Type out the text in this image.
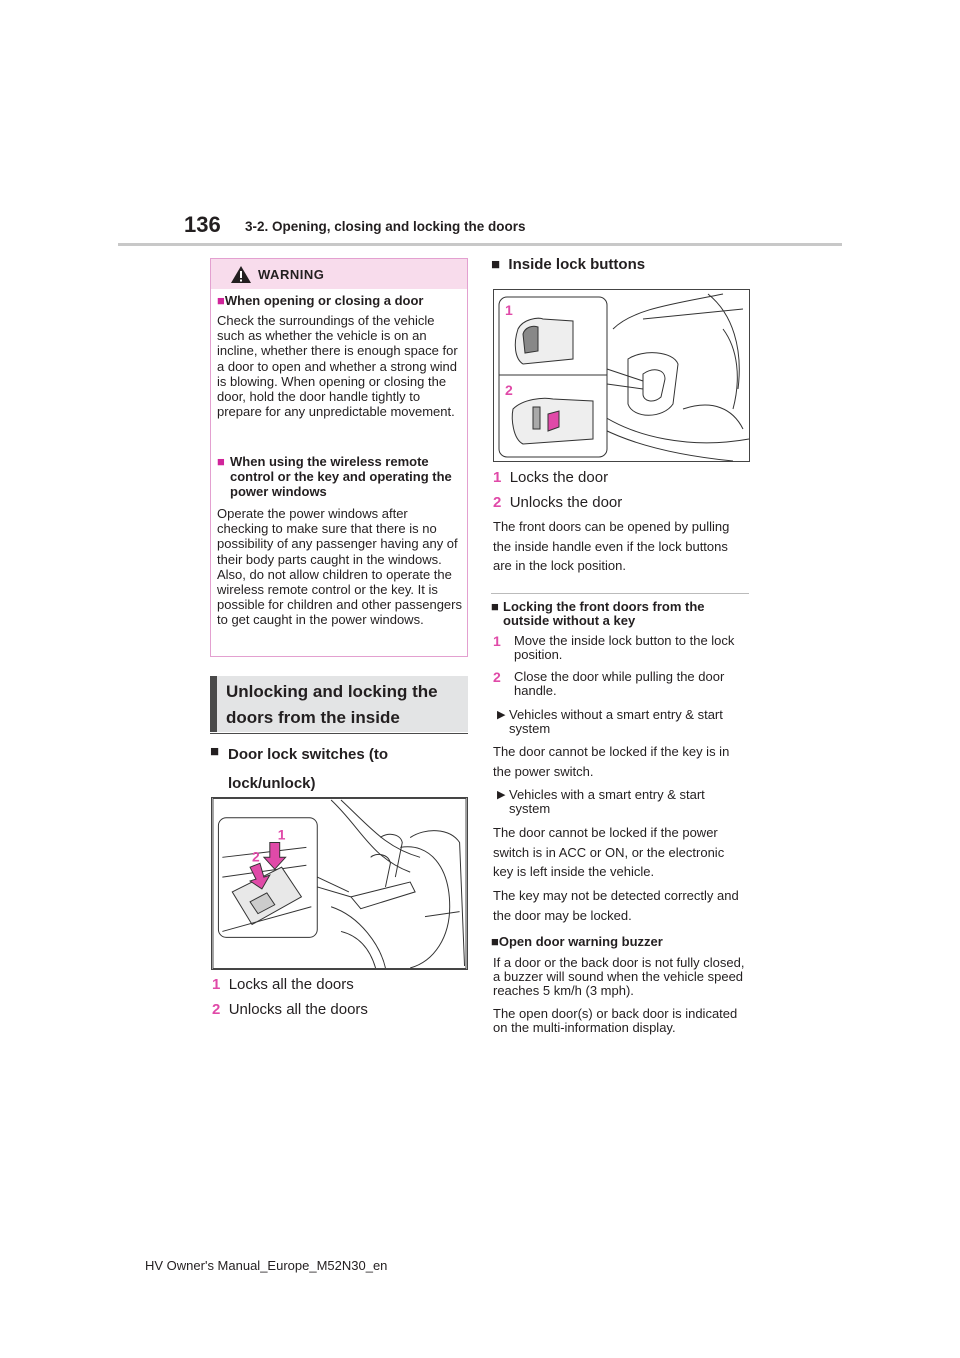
136 3-2. Opening, closing and locking the doors
WARNING
■When opening or closing a door
Check the surroundings of the vehicle such as whether the vehicle is on an incline, whether there is enough space for a door to open and whether a strong wind is blowing. When opening or closing the door, hold the door handle tightly to prepare for any unpredictable movement.
■ When using the wireless remote control or the key and operating the power windows
Operate the power windows after checking to make sure that there is no possibility of any passenger having any of their body parts caught in the windows. Also, do not allow children to operate the wireless remote control or the key. It is possible for children and other passengers to get caught in the power windows.
Unlocking and locking the doors from the inside
■ Door lock switches (to lock/unlock)
1
2
1 Locks all the doors
2 Unlocks all the doors
■  Inside lock buttons
1
2
1 Locks the door
2 Unlocks the door
The front doors can be opened by pulling the inside handle even if the lock buttons are in the lock position.
■ Locking the front doors from the outside without a key
1 Move the inside lock button to the lock position.
2 Close the door while pulling the door handle.
▶ Vehicles without a smart entry & start system
The door cannot be locked if the key is in the power switch.
▶ Vehicles with a smart entry & start system
The door cannot be locked if the power switch is in ACC or ON, or the electronic key is left inside the vehicle.
The key may not be detected correctly and the door may be locked.
■Open door warning buzzer
If a door or the back door is not fully closed, a buzzer will sound when the vehicle speed reaches 5 km/h (3 mph).
The open door(s) or back door is indicated on the multi-information display.
HV Owner's Manual_Europe_M52N30_en
